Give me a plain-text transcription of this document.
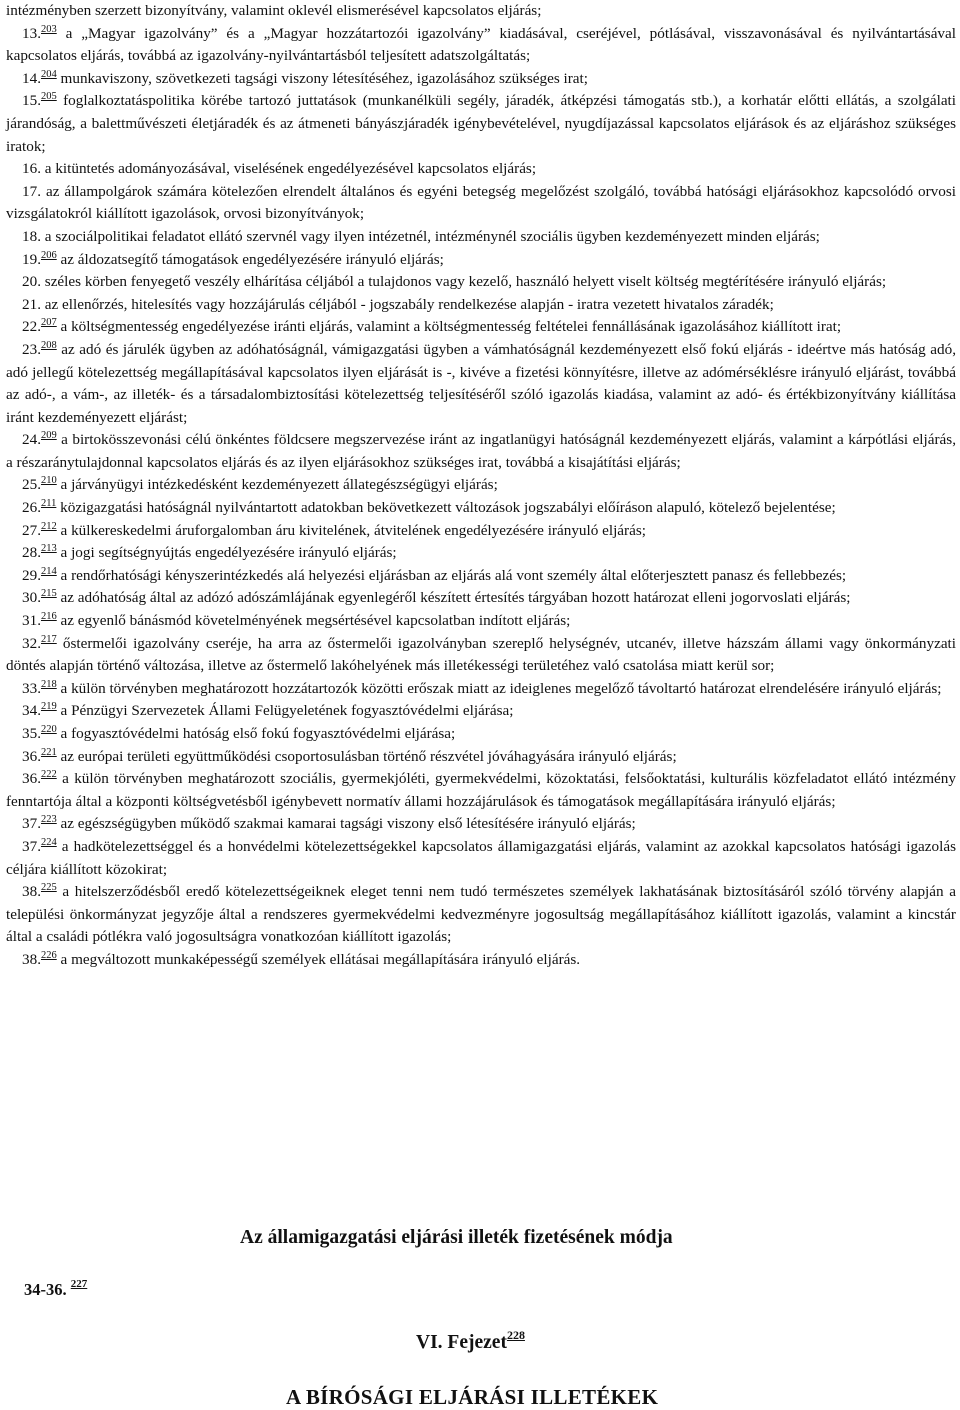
intézményben szerzett bizonyítvány, valamint oklevél elismerésével kapcsolatos eljárás;
13.$^{203}$ a „Magyar igazolvány” és a „Magyar hozzátartozói igazolvány” kiadásával, cseréjével, pótlásával, visszavonásával és nyilvántartásával kapcsolatos eljárás, továbbá az igazolvány-nyilvántartásból teljesített adatszolgáltatás;
14.$^{204}$ munkaviszony, szövetkezeti tagsági viszony létesítéséhez, igazolásához szükséges irat;
15.$^{205}$ foglalkoztatáspolitika körébe tartozó juttatások (munkanélküli segély, járadék, átképzési támogatás stb.), a korhatár előtti ellátás, a szolgálati járandóság, a balettművészeti életjáradék és az átmeneti bányászjáradék igénybevételével, nyugdíjazással kapcsolatos eljárások és az eljáráshoz szükséges iratok;
16. a kitüntetés adományozásával, viselésének engedélyezésével kapcsolatos eljárás;
17. az állampolgárok számára kötelezően elrendelt általános és egyéni betegség megelőzést szolgáló, továbbá hatósági eljárásokhoz kapcsolódó orvosi vizsgálatokról kiállított igazolások, orvosi bizonyítványok;
18. a szociálpolitikai feladatot ellátó szervnél vagy ilyen intézetnél, intézménynél szociális ügyben kezdeményezett minden eljárás;
19.$^{206}$ az áldozatsegítő támogatások engedélyezésére irányuló eljárás;
20. széles körben fenyegető veszély elhárítása céljából a tulajdonos vagy kezelő, használó helyett viselt költség megtérítésére irányuló eljárás;
21. az ellenőrzés, hitelesítés vagy hozzájárulás céljából - jogszabály rendelkezése alapján - iratra vezetett hivatalos záradék;
22.$^{207}$ a költségmentesség engedélyezése iránti eljárás, valamint a költségmentesség feltételei fennállásának igazolásához kiállított irat;
23.$^{208}$ az adó és járulék ügyben az adóhatóságnál, vámigazgatási ügyben a vámhatóságnál kezdeményezett első fokú eljárás - ideértve más hatóság adó, adó jellegű kötelezettség megállapításával kapcsolatos ilyen eljárását is -, kivéve a fizetési könnyítésre, illetve az adómérséklésre irányuló eljárást, továbbá az adó-, a vám-, az illeték- és a társadalombiztosítási kötelezettség teljesítéséről szóló igazolás kiadása, valamint az adó- és értékbizonyítvány kiállítása iránt kezdeményezett eljárást;
24.$^{209}$ a birtokösszevonási célú önkéntes földcsere megszervezése iránt az ingatlanügyi hatóságnál kezdeményezett eljárás, valamint a kárpótlási eljárás, a részaránytulajdonnal kapcsolatos eljárás és az ilyen eljárásokhoz szükséges irat, továbbá a kisajátítási eljárás;
25.$^{210}$ a járványügyi intézkedésként kezdeményezett állategészségügyi eljárás;
26.$^{211}$ közigazgatási hatóságnál nyilvántartott adatokban bekövetkezett változások jogszabályi előíráson alapuló, kötelező bejelentése;
27.$^{212}$ a külkereskedelmi áruforgalomban áru kivitelének, átvitelének engedélyezésére irányuló eljárás;
28.$^{213}$ a jogi segítségnyújtás engedélyezésére irányuló eljárás;
29.$^{214}$ a rendőrhatósági kényszerintézkedés alá helyezési eljárásban az eljárás alá vont személy által előterjesztett panasz és fellebbezés;
30.$^{215}$ az adóhatóság által az adózó adószámlájának egyenlegéről készített értesítés tárgyában hozott határozat elleni jogorvoslati eljárás;
31.$^{216}$ az egyenlő bánásmód követelményének megsértésével kapcsolatban indított eljárás;
32.$^{217}$ őstermelői igazolvány cseréje, ha arra az őstermelői igazolványban szereplő helységnév, utcanév, illetve házszám állami vagy önkormányzati döntés alapján történő változása, illetve az őstermelő lakóhelyének más illetékességi területéhez való csatolása miatt kerül sor;
33.$^{218}$ a külön törvényben meghatározott hozzátartozók közötti erőszak miatt az ideiglenes megelőző távoltartó határozat elrendelésére irányuló eljárás;
34.$^{219}$ a Pénzügyi Szervezetek Állami Felügyeletének fogyasztóvédelmi eljárása;
35.$^{220}$ a fogyasztóvédelmi hatóság első fokú fogyasztóvédelmi eljárása;
36.$^{221}$ az európai területi együttműködési csoportosulásban történő részvétel jóváhagyására irányuló eljárás;
36.$^{222}$ a külön törvényben meghatározott szociális, gyermekjóléti, gyermekvédelmi, közoktatási, felsőoktatási, kulturális közfeladatot ellátó intézmény fenntartója által a központi költségvetésből igénybevett normatív állami hozzájárulások és támogatások megállapítására irányuló eljárás;
37.$^{223}$ az egészségügyben működő szakmai kamarai tagsági viszony első létesítésére irányuló eljárás;
37.$^{224}$ a hadkötelezettséggel és a honvédelmi kötelezettségekkel kapcsolatos államigazgatási eljárás, valamint az azokkal kapcsolatos hatósági igazolás céljára kiállított közokirat;
38.$^{225}$ a hitelszerződésből eredő kötelezettségeiknek eleget tenni nem tudó természetes személyek lakhatásának biztosításáról szóló törvény alapján a települési önkormányzat jegyzője által a rendszeres gyermekvédelmi kedvezményre jogosultság megállapításához kiállított igazolás, valamint a kincstár által a családi pótlékra való jogosultságra vonatkozóan kiállított igazolás;
38.$^{226}$ a megváltozott munkaképességű személyek ellátásai megállapítására irányuló eljárás.
Az államigazgatási eljárási illeték fizetésének módja
34-36. $^{227}$
VI. Fejezet$^{228}$
A BÍRÓSÁGI ELJÁRÁSI ILLETÉKEK
